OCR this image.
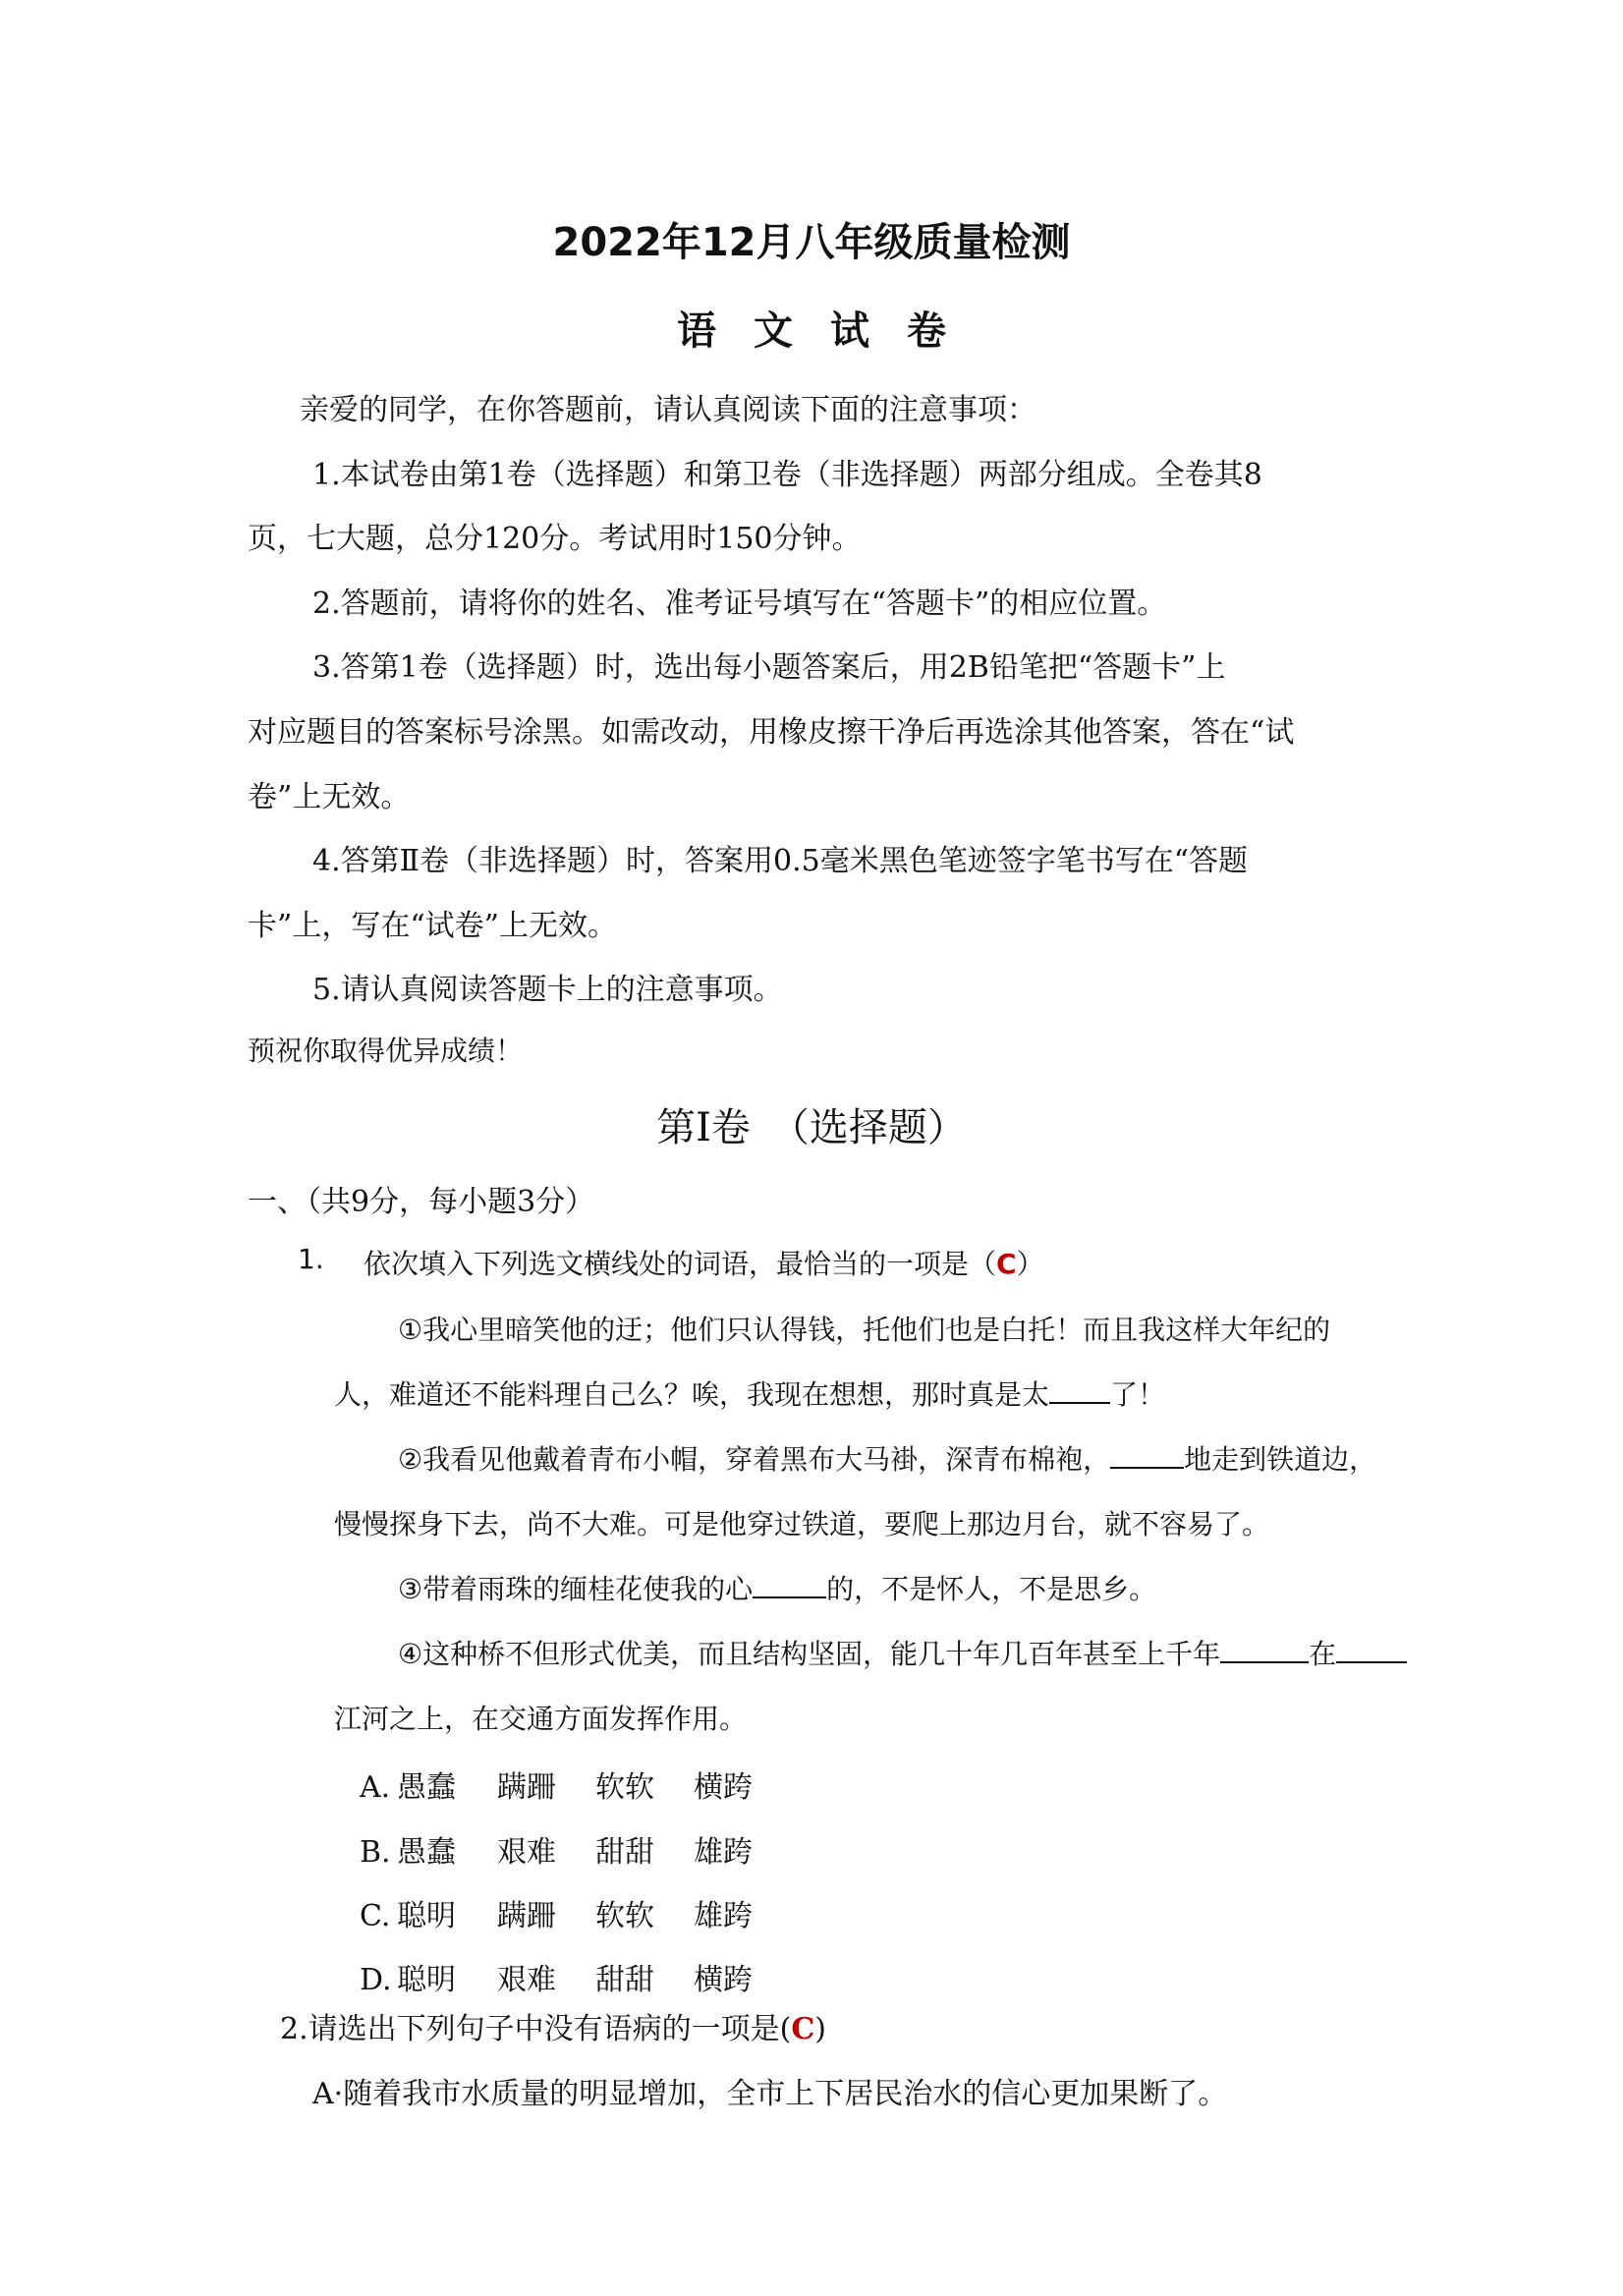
2022年12月八年级质量检测
语文试卷
亲爱的同学，在你答题前，请认真阅读下面的注意事项：
1.本试卷由第1卷（选择题）和第卫卷（非选择题）两部分组成。全卷其8
页，七大题，总分120分。考试用时150分钟。
2.答题前，请将你的姓名、准考证号填写在“答题卡”的相应位置。
3.答第1卷（选择题）时，选出每小题答案后，用2B铅笔把“答题卡”上
对应题目的答案标号涂黑。如需改动，用橡皮擦干净后再选涂其他答案，答在“试
卷”上无效。
4.答第Ⅱ卷（非选择题）时，答案用0.5毫米黑色笔迹签字笔书写在“答题
卡”上，写在“试卷”上无效。
5.请认真阅读答题卡上的注意事项。
预祝你取得优异成绩！
第Ⅰ卷　（选择题）
一、（共9分，每小题3分）
1. 依次填入下列选文横线处的词语，最恰当的一项是（C）
①我心里暗笑他的迂；他们只认得钱，托他们也是白托！而且我这样大年纪的
人，难道还不能料理自己么？唉，我现在想想，那时真是太 了！
②我看见他戴着青布小帽，穿着黑布大马褂，深青布棉袍，	地走到铁道边，
慢慢探身下去，尚不大难。可是他穿过铁道，要爬上那边月台，就不容易了。
③带着雨珠的缅桂花使我的心	的，不是怀人，不是思乡。
④这种桥不但形式优美，而且结构坚固，能几十年几百年甚至上千年	在
江河之上，在交通方面发挥作用。
A. 愚蠢 蹒跚 软软 横跨
B. 愚蠢 艰难 甜甜 雄跨
C. 聪明 蹒跚 软软 雄跨
D. 聪明 艰难 甜甜 横跨
2.请选出下列句子中没有语病的一项是(C)
A·随着我市水质量的明显增加，全市上下居民治水的信心更加果断了。
